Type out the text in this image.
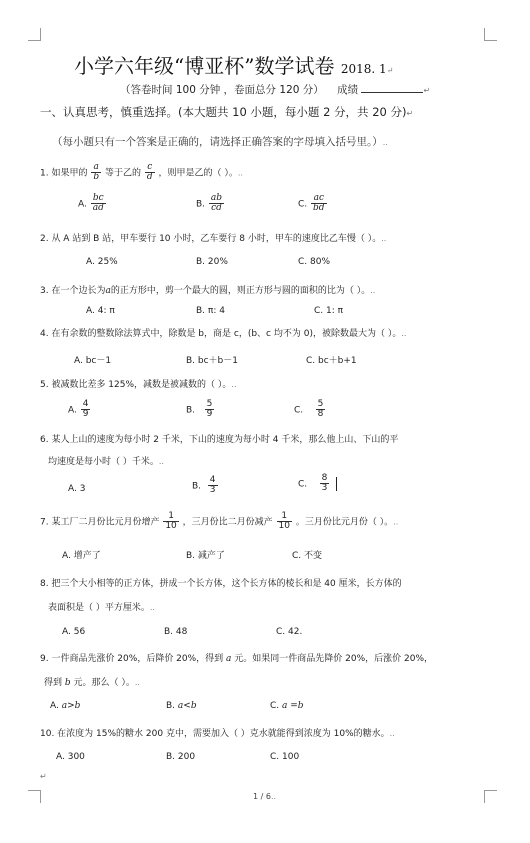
小学六年级“博亚杯”数学试卷 2018. 1↵
（答卷时间 100 分钟 ，卷面总分 120 分） 成绩	↵
一、认真思考，慎重选择。(本大题共 10 小题，每小题 2 分，共 20 分)↵
（每小题只有一个答案是正确的，请选择正确答案的字母填入括号里。）..
1. 如果甲的 $\frac{a}{b}$ 等于乙的 $\frac{c}{d}$ ，则甲是乙的（ ）。..
A. $\frac{bc}{ad}$	B. $\frac{ab}{cd}$	C. $\frac{ac}{bd}$
2. 从 A 站到 B 站，甲车要行 10 小时，乙车要行 8 小时，甲车的速度比乙车慢（ ）。..
A. 25%	B. 20%	C. 80%
3. 在一个边长为a的正方形中，剪一个最大的圆，则正方形与圆的面积的比为（ ）。..
A. 4: π	B. π: 4	C. 1: π
4. 在有余数的整数除法算式中，除数是 b，商是 c，(b、c 均不为 0)，被除数最大为（ ）。..
A. bc－1	B. bc＋b－1	C. bc＋b+1
5. 被减数比差多 125%，减数是被减数的（ ）。..
A. $\frac{4}{9}$	B. $\frac{5}{9}$	C. $\frac{5}{8}$
6. 某人上山的速度为每小时 2 千米，下山的速度为每小时 4 千米，那么他上山、下山的平
均速度是每小时（ ）千米。..
A. 3	B. $\frac{4}{3}$	C. $\frac{8}{3}$
7. 某工厂二月份比元月份增产 $\frac{1}{10}$ ，三月份比二月份减产 $\frac{1}{10}$ 。三月份比元月份（ ）。..
A. 增产了	B. 减产了	C. 不变
8. 把三个大小相等的正方体，拼成一个长方体，这个长方体的棱长和是 40 厘米，长方体的
表面积是（ ）平方厘米。..
A. 56	B. 48	C. 42.
9. 一件商品先涨价 20%，后降价 20%，得到 a 元。如果同一件商品先降价 20%，后涨价 20%，
得到 b 元。那么（ ）。..
A. a>b	B. a<b	C. a =b
10. 在浓度为 15%的糖水 200 克中，需要加入（ ）克水就能得到浓度为 10%的糖水。..
A. 300	B. 200	C. 100
↵
1 / 6..
